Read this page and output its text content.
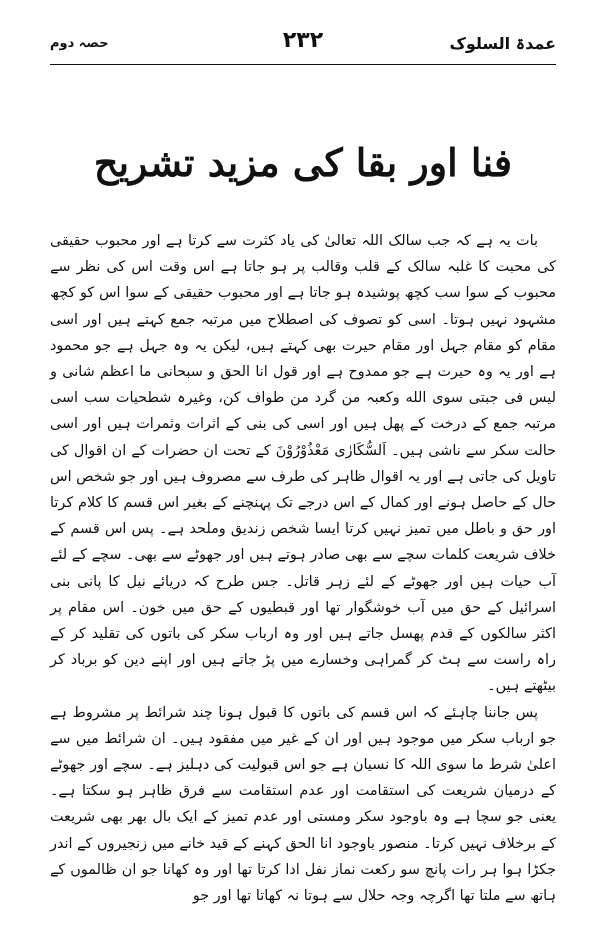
عمدۃ السلوک
۲۳۲
حصہ دوم
فنا اور بقا کی مزید تشریح

بات یہ ہے کہ جب سالک اللہ تعالیٰ کی یاد کثرت سے کرتا ہے اور محبوب حقیقی کی محبت کا غلبہ سالک کے قلب وقالب پر ہو جاتا ہے اس وقت اس کی نظر سے محبوب کے سوا سب کچھ پوشیدہ ہو جاتا ہے اور محبوب حقیقی کے سوا اس کو کچھ مشہود نہیں ہوتا۔ اسی کو تصوف کی اصطلاح میں مرتبہ جمع کہتے ہیں اور اسی مقام کو مقام جہل اور مقام حیرت بھی کہتے ہیں، لیکن یہ وہ جہل ہے جو محمود ہے اور یہ وہ حیرت ہے جو ممدوح ہے اور قول انا الحق و سبحانی ما اعظم شانی و لیس فی جبتی سوی الله وکعبہ من گرد من طواف کن، وغیرہ شطحیات سب اسی مرتبہ جمع کے درخت کے پھل ہیں اور اسی کی بنی کے اثرات وثمرات ہیں اور اسی حالت سکر سے ناشی ہیں۔ اَلسُّکَارٰی مَعْذُوْرُوْنَ کے تحت ان حضرات کے ان اقوال کی تاویل کی جاتی ہے اور یہ اقوال ظاہر کی طرف سے مصروف ہیں اور جو شخص اس حال کے حاصل ہونے اور کمال کے اس درجے تک پہنچنے کے بغیر اس قسم کا کلام کرتا اور حق و باطل میں تمیز نہیں کرتا ایسا شخص زندیق وملحد ہے۔ پس اس قسم کے خلاف شریعت کلمات سچے سے بھی صادر ہوتے ہیں اور جھوٹے سے بھی۔ سچے کے لئے آب حیات ہیں اور جھوٹے کے لئے زہر قاتل۔ جس طرح کہ دریائے نیل کا پانی بنی اسرائیل کے حق میں آب خوشگوار تھا اور قبطیوں کے حق میں خون۔ اس مقام پر اکثر سالکوں کے قدم پھسل جاتے ہیں اور وہ ارباب سکر کی باتوں کی تقلید کر کے راہ راست سے ہٹ کر گمراہی وخسارے میں پڑ جاتے ہیں اور اپنے دین کو برباد کر بیٹھتے ہیں۔

پس جاننا چاہئے کہ اس قسم کی باتوں کا قبول ہونا چند شرائط پر مشروط ہے جو ارباب سکر میں موجود ہیں اور ان کے غیر میں مفقود ہیں۔ ان شرائط میں سے اعلیٰ شرط ما سوی اللہ کا نسیان ہے جو اس قبولیت کی دہلیز ہے۔ سچے اور جھوٹے کے درمیان شریعت کی استقامت اور عدم استقامت سے فرق ظاہر ہو سکتا ہے۔ یعنی جو سچا ہے وہ باوجود سکر ومستی اور عدم تمیز کے ایک بال بھر بھی شریعت کے برخلاف نہیں کرتا۔ منصور باوجود انا الحق کہنے کے قید خانے میں زنجیروں کے اندر جکڑا ہوا ہر رات پانچ سو رکعت نماز نفل ادا کرتا تھا اور وہ کھانا جو ان ظالموں کے ہاتھ سے ملتا تھا اگرچہ وجہ حلال سے ہوتا نہ کھاتا تھا اور جو
